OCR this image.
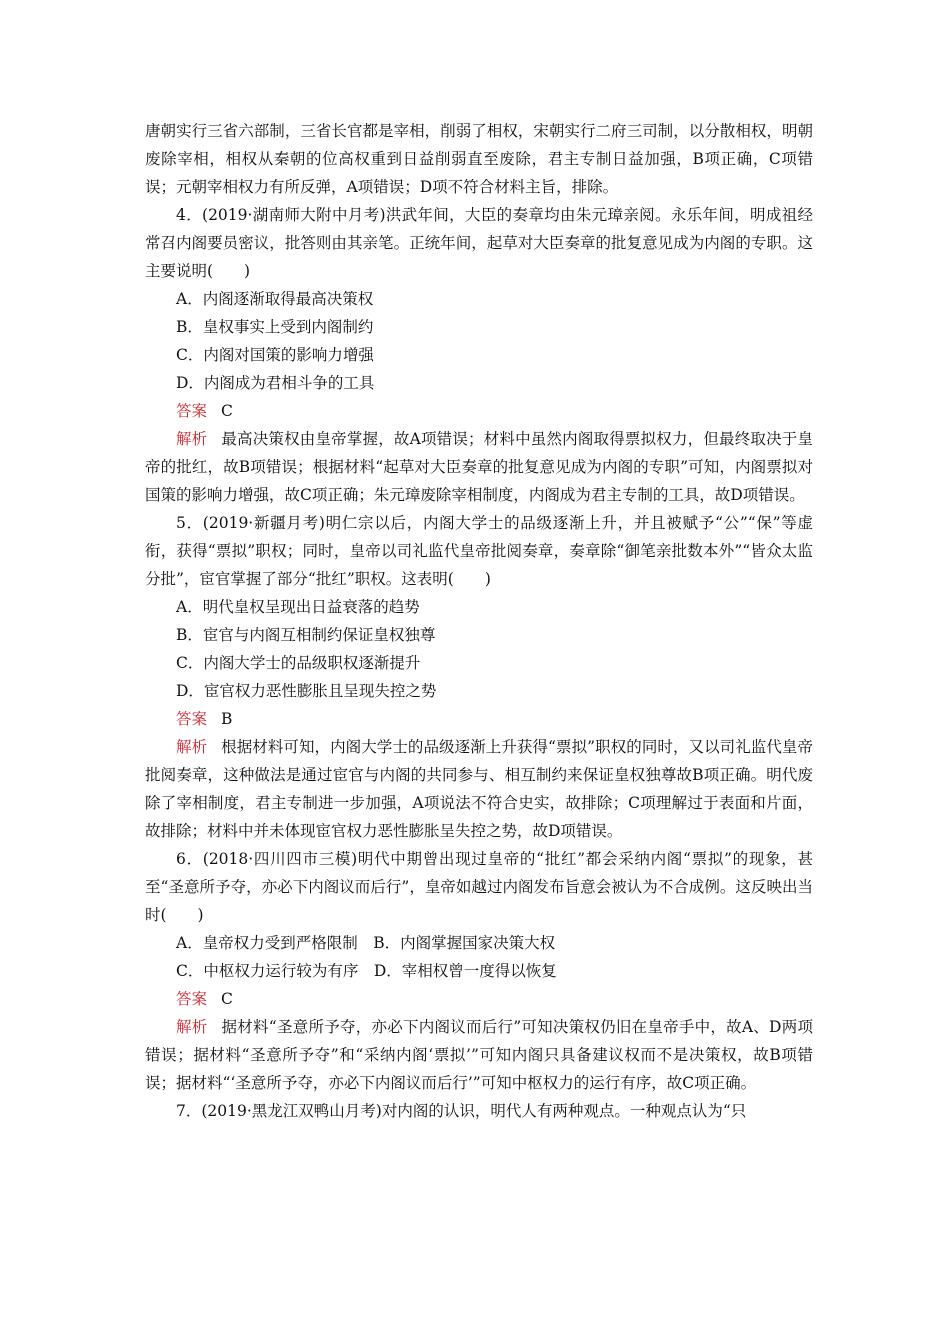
唐朝实行三省六部制，三省长官都是宰相，削弱了相权，宋朝实行二府三司制，以分散相权，明朝废除宰相，相权从秦朝的位高权重到日益削弱直至废除，君主专制日益加强，B项正确，C项错误；元朝宰相权力有所反弹，A项错误；D项不符合材料主旨，排除。

4．(2019·湖南师大附中月考)洪武年间，大臣的奏章均由朱元璋亲阅。永乐年间，明成祖经常召内阁要员密议，批答则由其亲笔。正统年间，起草对大臣奏章的批复意见成为内阁的专职。这主要说明(　　)

A．内阁逐渐取得最高决策权

B．皇权事实上受到内阁制约

C．内阁对国策的影响力增强

D．内阁成为君相斗争的工具

答案 C

解析 最高决策权由皇帝掌握，故A项错误；材料中虽然内阁取得票拟权力，但最终取决于皇帝的批红，故B项错误；根据材料“起草对大臣奏章的批复意见成为内阁的专职”可知，内阁票拟对国策的影响力增强，故C项正确；朱元璋废除宰相制度，内阁成为君主专制的工具，故D项错误。

5．(2019·新疆月考)明仁宗以后，内阁大学士的品级逐渐上升，并且被赋予“公”“保”等虚衔，获得“票拟”职权；同时，皇帝以司礼监代皇帝批阅奏章，奏章除“御笔亲批数本外”“皆众太监分批”，宦官掌握了部分“批红”职权。这表明(　　)

A．明代皇权呈现出日益衰落的趋势

B．宦官与内阁互相制约保证皇权独尊

C．内阁大学士的品级职权逐渐提升

D．宦官权力恶性膨胀且呈现失控之势

答案 B

解析 根据材料可知，内阁大学士的品级逐渐上升获得“票拟”职权的同时，又以司礼监代皇帝批阅奏章，这种做法是通过宦官与内阁的共同参与、相互制约来保证皇权独尊故B项正确。明代废除了宰相制度，君主专制进一步加强，A项说法不符合史实，故排除；C项理解过于表面和片面，故排除；材料中并未体现宦官权力恶性膨胀呈失控之势，故D项错误。

6．(2018·四川四市三模)明代中期曾出现过皇帝的“批红”都会采纳内阁“票拟”的现象，甚至“圣意所予夺，亦必下内阁议而后行”，皇帝如越过内阁发布旨意会被认为不合成例。这反映出当时(　　)

A．皇帝权力受到严格限制　B．内阁掌握国家决策大权

C．中枢权力运行较为有序　D．宰相权曾一度得以恢复

答案 C

解析 据材料“圣意所予夺，亦必下内阁议而后行”可知决策权仍旧在皇帝手中，故A、D两项错误；据材料“圣意所予夺”和“采纳内阁‘票拟’”可知内阁只具备建议权而不是决策权，故B项错误；据材料“‘圣意所予夺，亦必下内阁议而后行’”可知中枢权力的运行有序，故C项正确。

7．(2019·黑龙江双鸭山月考)对内阁的认识，明代人有两种观点。一种观点认为“只
